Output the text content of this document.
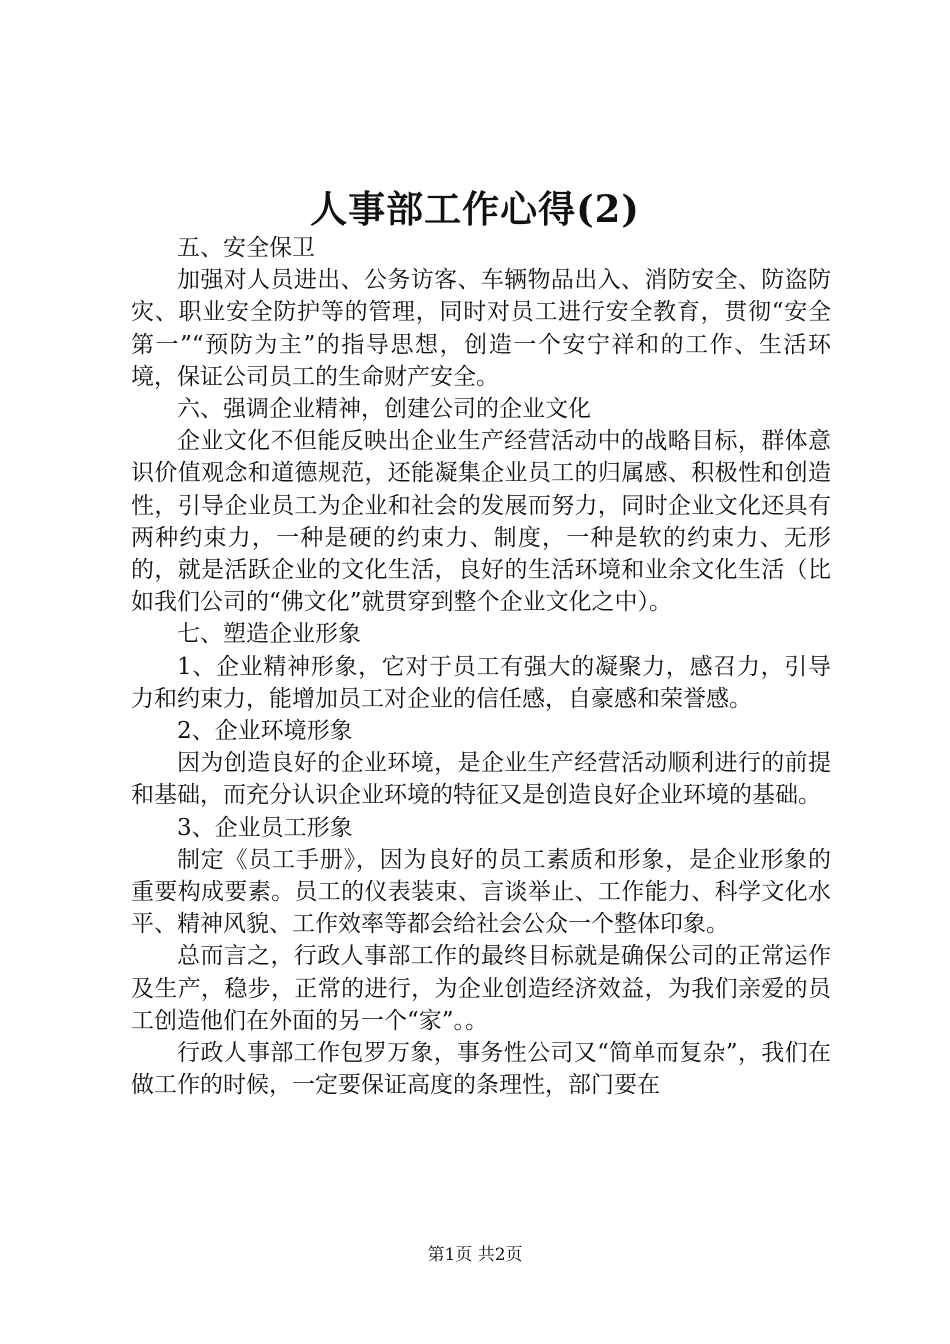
人事部工作心得(2)

五、安全保卫

加强对人员进出、公务访客、车辆物品出入、消防安全、防盗防灾、职业安全防护等的管理，同时对员工进行安全教育，贯彻“安全第一”“预防为主”的指导思想，创造一个安宁祥和的工作、生活环境，保证公司员工的生命财产安全。

六、强调企业精神，创建公司的企业文化

企业文化不但能反映出企业生产经营活动中的战略目标，群体意识价值观念和道德规范，还能凝集企业员工的归属感、积极性和创造性，引导企业员工为企业和社会的发展而努力，同时企业文化还具有两种约束力，一种是硬的约束力、制度，一种是软的约束力、无形的，就是活跃企业的文化生活，良好的生活环境和业余文化生活（比如我们公司的“佛文化”就贯穿到整个企业文化之中）。

七、塑造企业形象

1、企业精神形象，它对于员工有强大的凝聚力，感召力，引导力和约束力，能增加员工对企业的信任感，自豪感和荣誉感。

2、企业环境形象

因为创造良好的企业环境，是企业生产经营活动顺利进行的前提和基础，而充分认识企业环境的特征又是创造良好企业环境的基础。

3、企业员工形象

制定《员工手册》，因为良好的员工素质和形象，是企业形象的重要构成要素。员工的仪表装束、言谈举止、工作能力、科学文化水平、精神风貌、工作效率等都会给社会公众一个整体印象。

总而言之，行政人事部工作的最终目标就是确保公司的正常运作及生产，稳步，正常的进行，为企业创造经济效益，为我们亲爱的员工创造他们在外面的另一个“家”。。

行政人事部工作包罗万象，事务性公司又“简单而复杂”，我们在做工作的时候，一定要保证高度的条理性，部门要在

第1页 共2页
